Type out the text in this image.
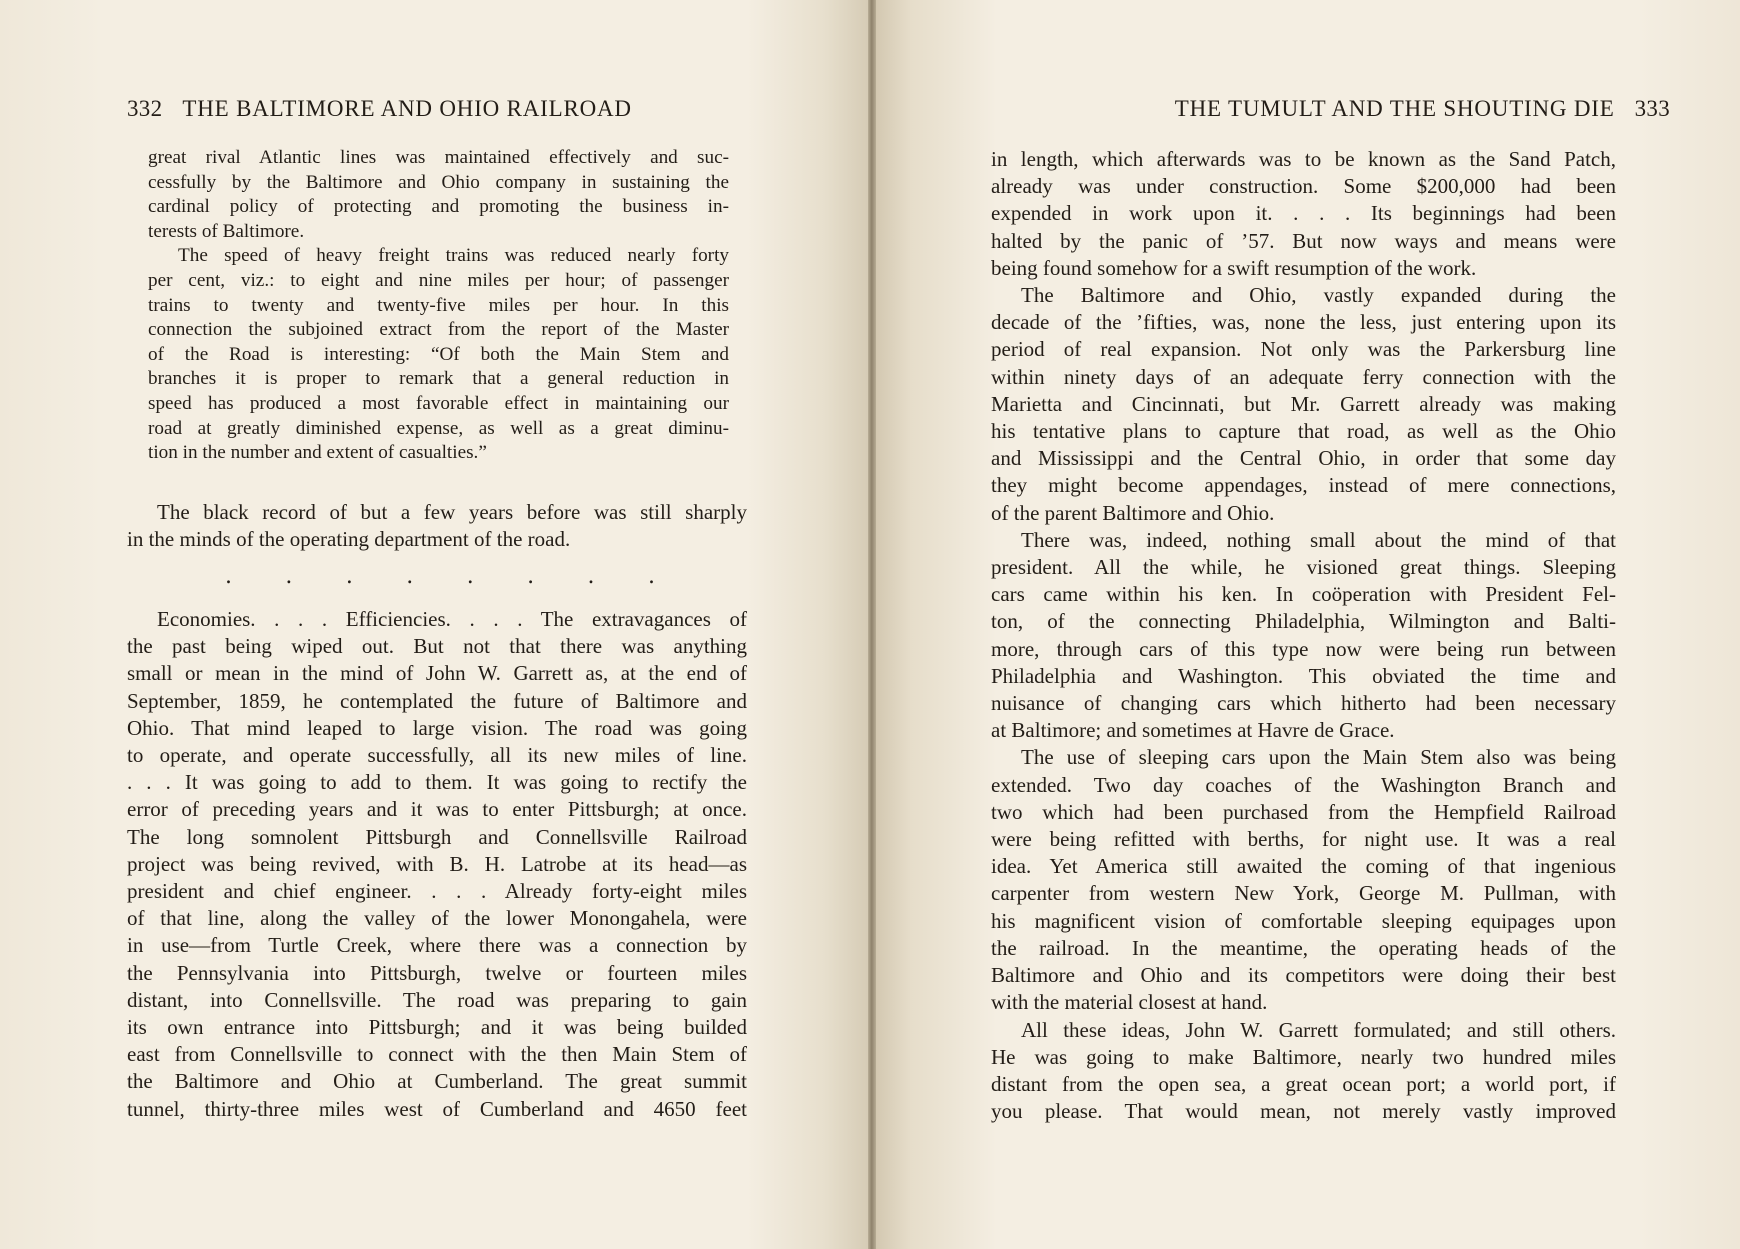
332 THE BALTIMORE AND OHIO RAILROAD
great rival Atlantic lines was maintained effectively and suc-
cessfully by the Baltimore and Ohio company in sustaining the
cardinal policy of protecting and promoting the business in-
terests of Baltimore.
The speed of heavy freight trains was reduced nearly forty
per cent, viz.: to eight and nine miles per hour; of passenger
trains to twenty and twenty-five miles per hour. In this
connection the subjoined extract from the report of the Master
of the Road is interesting: “Of both the Main Stem and
branches it is proper to remark that a general reduction in
speed has produced a most favorable effect in maintaining our
road at greatly diminished expense, as well as a great diminu-
tion in the number and extent of casualties.”
The black record of but a few years before was still sharply
in the minds of the operating department of the road.
. . . . . . . .
Economies. . . . Efficiencies. . . . The extravagances of
the past being wiped out. But not that there was anything
small or mean in the mind of John W. Garrett as, at the end of
September, 1859, he contemplated the future of Baltimore and
Ohio. That mind leaped to large vision. The road was going
to operate, and operate successfully, all its new miles of line.
. . . It was going to add to them. It was going to rectify the
error of preceding years and it was to enter Pittsburgh; at once.
The long somnolent Pittsburgh and Connellsville Railroad
project was being revived, with B. H. Latrobe at its head—as
president and chief engineer. . . . Already forty-eight miles
of that line, along the valley of the lower Monongahela, were
in use—from Turtle Creek, where there was a connection by
the Pennsylvania into Pittsburgh, twelve or fourteen miles
distant, into Connellsville. The road was preparing to gain
its own entrance into Pittsburgh; and it was being builded
east from Connellsville to connect with the then Main Stem of
the Baltimore and Ohio at Cumberland. The great summit
tunnel, thirty-three miles west of Cumberland and 4650 feet
THE TUMULT AND THE SHOUTING DIE 333
in length, which afterwards was to be known as the Sand Patch,
already was under construction. Some $200,000 had been
expended in work upon it. . . . Its beginnings had been
halted by the panic of ’57. But now ways and means were
being found somehow for a swift resumption of the work.
The Baltimore and Ohio, vastly expanded during the
decade of the ’fifties, was, none the less, just entering upon its
period of real expansion. Not only was the Parkersburg line
within ninety days of an adequate ferry connection with the
Marietta and Cincinnati, but Mr. Garrett already was making
his tentative plans to capture that road, as well as the Ohio
and Mississippi and the Central Ohio, in order that some day
they might become appendages, instead of mere connections,
of the parent Baltimore and Ohio.
There was, indeed, nothing small about the mind of that
president. All the while, he visioned great things. Sleeping
cars came within his ken. In coöperation with President Fel-
ton, of the connecting Philadelphia, Wilmington and Balti-
more, through cars of this type now were being run between
Philadelphia and Washington. This obviated the time and
nuisance of changing cars which hitherto had been necessary
at Baltimore; and sometimes at Havre de Grace.
The use of sleeping cars upon the Main Stem also was being
extended. Two day coaches of the Washington Branch and
two which had been purchased from the Hempfield Railroad
were being refitted with berths, for night use. It was a real
idea. Yet America still awaited the coming of that ingenious
carpenter from western New York, George M. Pullman, with
his magnificent vision of comfortable sleeping equipages upon
the railroad. In the meantime, the operating heads of the
Baltimore and Ohio and its competitors were doing their best
with the material closest at hand.
All these ideas, John W. Garrett formulated; and still others.
He was going to make Baltimore, nearly two hundred miles
distant from the open sea, a great ocean port; a world port, if
you please. That would mean, not merely vastly improved
